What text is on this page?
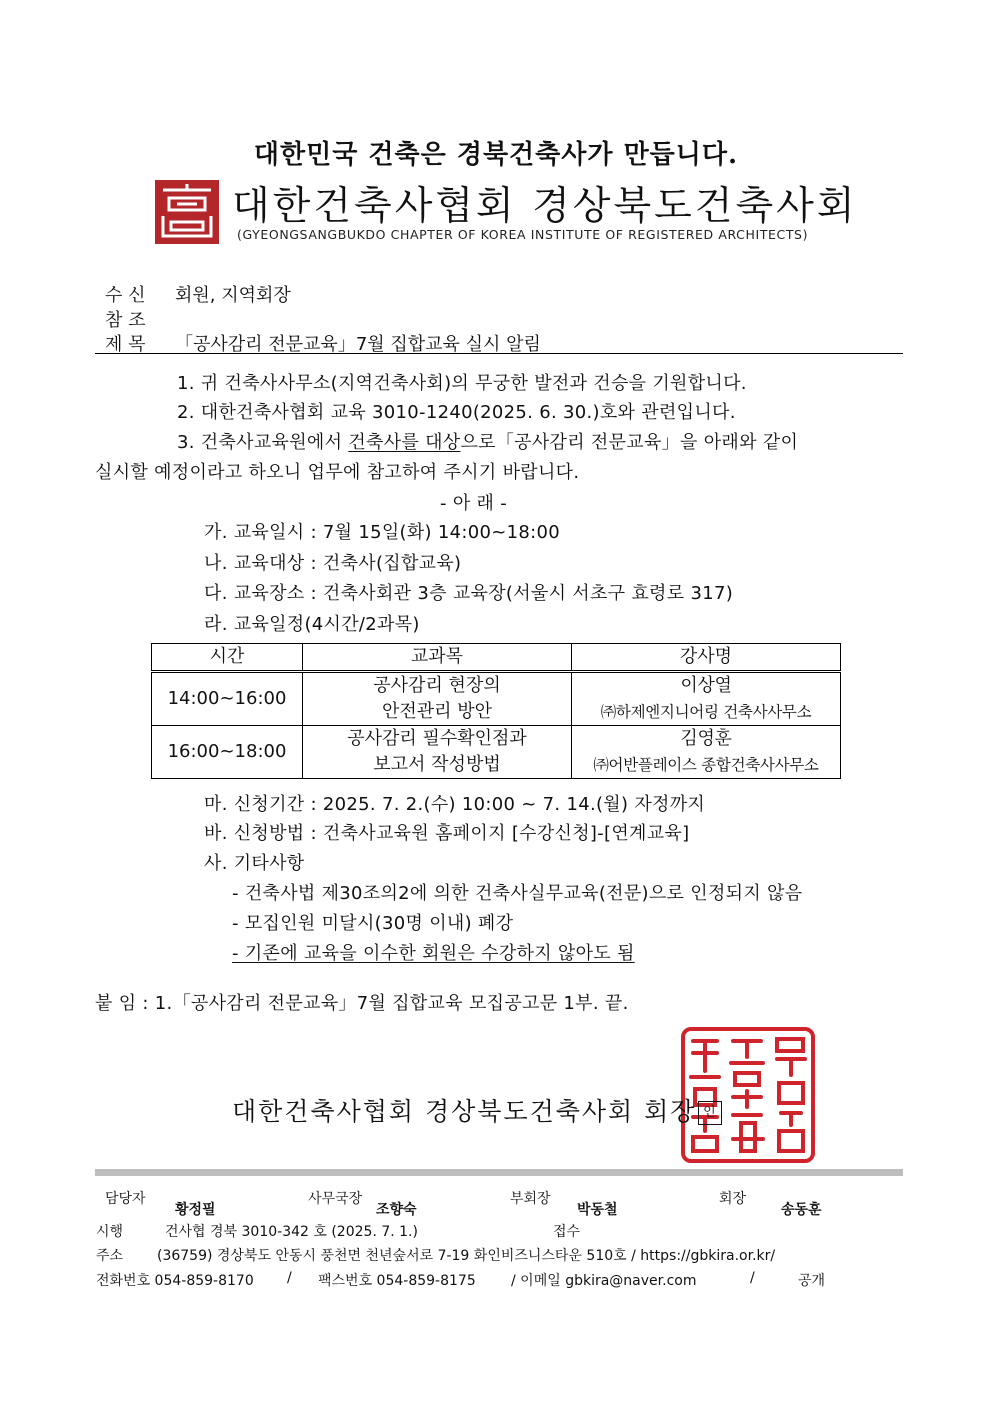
대한민국 건축은 경북건축사가 만듭니다.
대한건축사협회 경상북도건축사회
(GYEONGSANGBUKDO CHAPTER OF KOREA INSTITUTE OF REGISTERED ARCHITECTS)
수 신 회원, 지역회장
참 조
제 목 「공사감리 전문교육」7월 집합교육 실시 알림
1. 귀 건축사사무소(지역건축사회)의 무궁한 발전과 건승을 기원합니다.
2. 대한건축사협회 교육 3010-1240(2025. 6. 30.)호와 관련입니다.
3. 건축사교육원에서 건축사를 대상으로「공사감리 전문교육」을 아래와 같이
실시할 예정이라고 하오니 업무에 참고하여 주시기 바랍니다.
- 아 래 -
가. 교육일시 : 7월 15일(화) 14:00~18:00
나. 교육대상 : 건축사(집합교육)
다. 교육장소 : 건축사회관 3층 교육장(서울시 서초구 효령로 317)
라. 교육일정(4시간/2과목)
시간	교과목	강사명
14:00~16:00	공사감리 현장의
안전관리 방안	이상열
㈜하제엔지니어링 건축사사무소

16:00~18:00	공사감리 필수확인점과
보고서 작성방법	김영훈
㈜어반플레이스 종합건축사사무소
마. 신청기간 : 2025. 7. 2.(수) 10:00 ~ 7. 14.(월) 자정까지
바. 신청방법 : 건축사교육원 홈페이지 [수강신청]-[연계교육]
사. 기타사항
- 건축사법 제30조의2에 의한 건축사실무교육(전문)으로 인정되지 않음
- 모집인원 미달시(30명 이내) 폐강
- 기존에 교육을 이수한 회원은 수강하지 않아도 됨
붙 임 : 1.「공사감리 전문교육」7월 집합교육 모집공고문 1부. 끝.
대한건축사협회 경상북도건축사회 회장 인
담당자
황정필
사무국장
조향숙
부회장
박동철
회장
송동훈
시행	건사협 경북 3010-342 호 (2025. 7. 1.)	접수
주소 (36759) 경상북도 안동시 풍천면 천년숲서로 7-19 화인비즈니스타운 510호 / https://gbkira.or.kr/
전화번호 054-859-8170 / 팩스번호 054-859-8175	/ 이메일 gbkira@naver.com	/	공개
